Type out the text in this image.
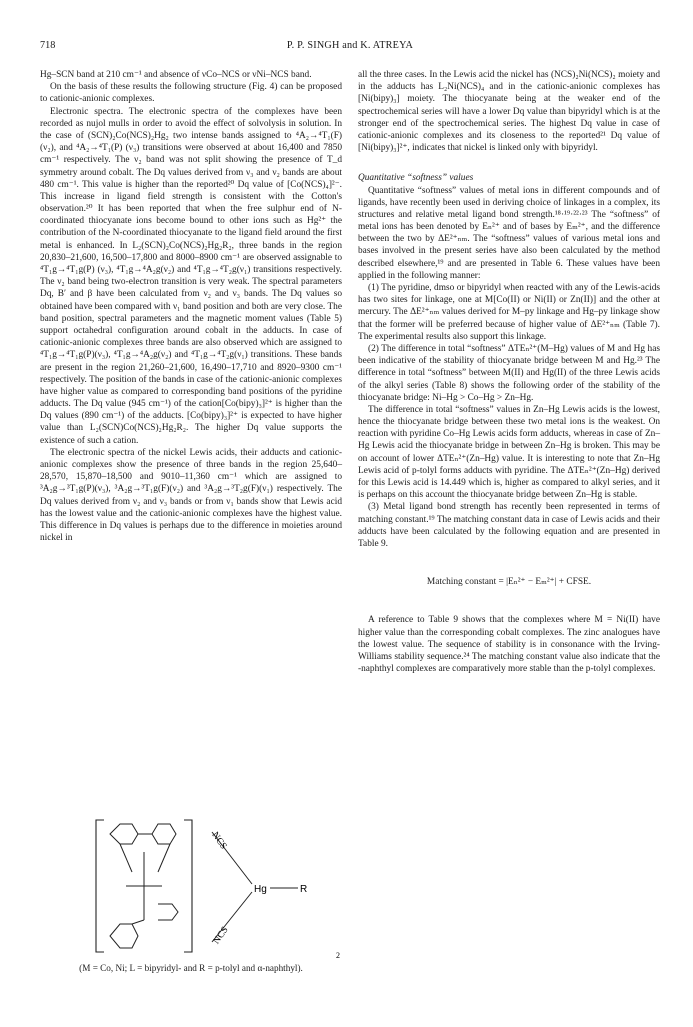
718	P. P. SINGH and K. ATREYA

Hg–SCN band at 210 cm⁻¹ and absence of νCo–NCS or νNi–NCS band.

On the basis of these results the following structure (Fig. 4) can be proposed to cationic-anionic complexes.

Electronic spectra. The electronic spectra of the complexes have been recorded as nujol mulls in order to avoid the effect of solvolysis in solution. In the case of (SCN)₂Co(NCS)₂Hg₂ two intense bands assigned to ⁴A₂→⁴T₁(F) (ν₂), and ⁴A₂→⁴T₁(P) (ν₃) transitions were observed at about 16,400 and 7850 cm⁻¹ respectively. The ν₂ band was not split showing the presence of T_d symmetry around cobalt. The Dq values derived from ν₃ and ν₂ bands are about 480 cm⁻¹. This value is higher than the reported²⁰ Dq value of [Co(NCS)₄]²⁻. This increase in ligand field strength is consistent with the Cotton's observation.²⁰ It has been reported that when the free sulphur end of N-coordinated thiocyanate ions become bound to other ions such as Hg²⁺ the contribution of the N-coordinated thiocyanate to the ligand field around the first metal is enhanced. In L₂(SCN)₂Co(NCS)₂Hg₂R₂, three bands in the region 20,830–21,600, 16,500–17,800 and 8000–8900 cm⁻¹ are observed assignable to ⁴T₁g→⁴T₁g(P) (ν₃), ⁴T₁g→⁴A₂g(ν₂) and ⁴T₁g→⁴T₂g(ν₁) transitions respectively. The ν₂ band being two-electron transition is very weak. The spectral parameters Dq, B′ and β have been calculated from ν₂ and ν₃ bands. The Dq values so obtained have been compared with ν₁ band position and both are very close. The band position, spectral parameters and the magnetic moment values (Table 5) support octahedral configuration around cobalt in the adducts. In case of cationic-anionic complexes three bands are also observed which are assigned to ⁴T₁g→⁴T₁g(P)(ν₃), ⁴T₁g→⁴A₂g(ν₂) and ⁴T₁g→⁴T₂g(ν₁) transitions. These bands are present in the region 21,260–21,600, 16,490–17,710 and 8920–9300 cm⁻¹ respectively. The position of the bands in case of the cationic-anionic complexes have higher value as compared to corresponding band positions of the pyridine adducts. The Dq value (945 cm⁻¹) of the cation[Co(bipy)₃]²⁺ is higher than the Dq values (890 cm⁻¹) of the adducts. [Co(bipy)₃]²⁺ is expected to have higher value than L₂(SCN)Co(NCS)₂Hg₂R₂. The higher Dq value supports the existence of such a cation.

The electronic spectra of the nickel Lewis acids, their adducts and cationic-anionic complexes show the presence of three bands in the region 25,640–28,570, 15,870–18,500 and 9010–11,360 cm⁻¹ which are assigned to ³A₂g→³T₁g(P)(ν₃), ³A₂g→³T₁g(F)(ν₂) and ³A₂g→³T₂g(F)(ν₁) respectively. The Dq values derived from ν₂ and ν₃ bands or from ν₁ bands show that Lewis acid has the lowest value and the cationic-anionic complexes have the highest value. This difference in Dq values is perhaps due to the difference in moieties around nickel in

NCS
NCS
Hg	R
2
(M = Co, Ni; L = bipyridyl- and R = p-tolyl and α-naphthyl).

all the three cases. In the Lewis acid the nickel has (NCS)₂Ni(NCS)₂ moiety and in the adducts has L₂Ni(NCS)₄ and in the cationic-anionic complexes has [Ni(bipy)₃] moiety. The thiocyanate being at the weaker end of the spectrochemical series will have a lower Dq value than bipyridyl which is at the stronger end of the spectrochemical series. The highest Dq value in case of cationic-anionic complexes and its closeness to the reported²¹ Dq value of [Ni(bipy)₃]²⁺, indicates that nickel is linked only with bipyridyl.

Quantitative “softness” values

Quantitative “softness” values of metal ions in different compounds and of ligands, have recently been used in deriving choice of linkages in a complex, its structures and relative metal ligand bond strength.¹⁸·¹⁹·²²·²³ The “softness” of metal ions has been denoted by Eₙ²⁺ and of bases by Eₘ²⁺, and the difference between the two by ΔE²⁺ₙₘ. The “softness” values of various metal ions and bases involved in the present series have also been calculated by the method described elsewhere,¹⁹ and are presented in Table 6. These values have been applied in the following manner:

(1) The pyridine, dmso or bipyridyl when reacted with any of the Lewis-acids has two sites for linkage, one at M[Co(II) or Ni(II) or Zn(II)] and the other at mercury. The ΔE²⁺ₙₘ values derived for M–py linkage and Hg–py linkage show that the former will be preferred because of higher value of ΔE²⁺ₙₘ (Table 7). The experimental results also support this linkage.

(2) The difference in total “softness” ΔTEₙ²⁺(M–Hg) values of M and Hg has been indicative of the stability of thiocyanate bridge between M and Hg.²³ The difference in total “softness” between M(II) and Hg(II) of the three Lewis acids of the alkyl series (Table 8) shows the following order of the stability of the thiocyanate bridge: Ni–Hg > Co–Hg > Zn–Hg.

The difference in total “softness” values in Zn–Hg Lewis acids is the lowest, hence the thiocyanate bridge between these two metal ions is the weakest. On reaction with pyridine Co–Hg Lewis acids form adducts, whereas in case of Zn–Hg Lewis acid the thiocyanate bridge in between Zn–Hg is broken. This may be on account of lower ΔTEₙ²⁺(Zn–Hg) value. It is interesting to note that Zn–Hg Lewis acid of p-tolyl forms adducts with pyridine. The ΔTEₙ²⁺(Zn–Hg) derived for this Lewis acid is 14.449 which is, higher as compared to alkyl series, and it is perhaps on this account the thiocyanate bridge between Zn–Hg is stable.

(3) Metal ligand bond strength has recently been represented in terms of matching constant.¹⁹ The matching constant data in case of Lewis acids and their adducts have been calculated by the following equation and are presented in Table 9.

Matching constant = |Eₙ²⁺ − Eₘ²⁺| + CFSE.

A reference to Table 9 shows that the complexes where M = Ni(II) have higher value than the corresponding cobalt complexes. The zinc analogues have the lowest value. The sequence of stability is in consonance with the Irving-Williams stability sequence.²⁴ The matching constant value also indicate that the -naphthyl complexes are comparatively more stable than the p-tolyl complexes.
